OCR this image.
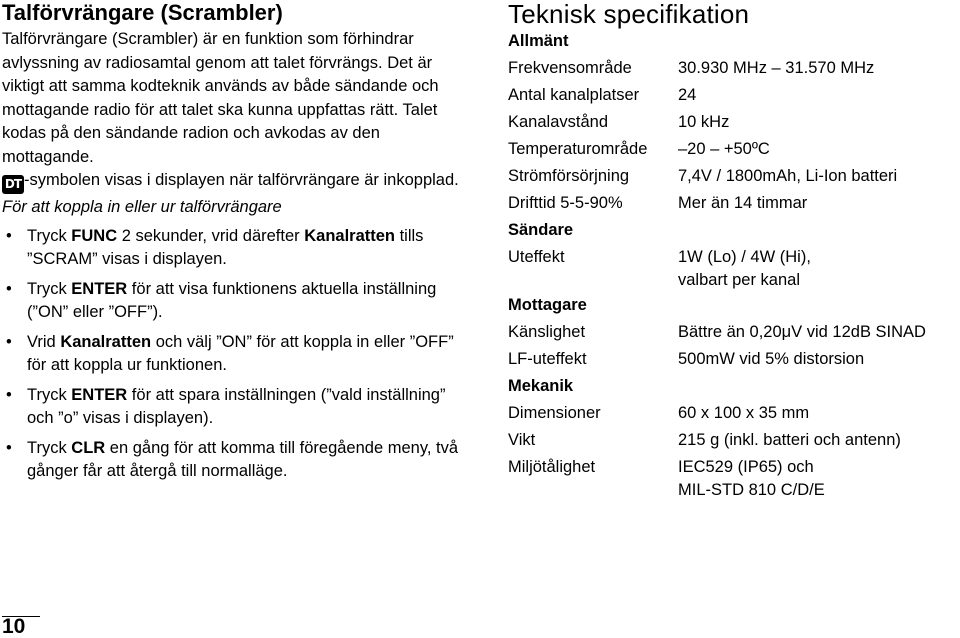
Talförvrängare (Scrambler)

Talförvrängare (Scrambler) är en funktion som förhindrar avlyssning av radiosamtal genom att talet förvrängs. Det är viktigt att samma kodteknik används av både sändande och mottagande radio för att talet ska kunna uppfattas rätt. Talet kodas på den sändande radion och avkodas av den mottagande.

DT -symbolen visas i displayen när talförvrängare är inkopplad.

För att koppla in eller ur talförvrängare

• Tryck FUNC 2 sekunder, vrid därefter Kanalratten tills ”SCRAM” visas i displayen.
• Tryck ENTER för att visa funktionens aktuella inställning (”ON” eller ”OFF”).
• Vrid Kanalratten och välj ”ON” för att koppla in eller ”OFF” för att koppla ur funktionen.
• Tryck ENTER för att spara inställningen (”vald inställning” och ”o” visas i displayen).
• Tryck CLR en gång för att komma till föregående meny, två gånger får att återgå till normalläge.
Teknisk specifikation
Allmänt	
Frekvensområde	30.930 MHz – 31.570 MHz
Antal kanalplatser	24
Kanalavstånd	10 kHz
Temperaturområde	–20 – +50ºC
Strömförsörjning	7,4V / 1800mAh, Li-Ion batteri
Drifttid 5-5-90%	Mer än 14 timmar
Sändare	
Uteffekt	1W (Lo) / 4W (Hi),
valbart per kanal

Mottagare	
Känslighet	Bättre än 0,20μV vid 12dB SINAD
LF-uteffekt	500mW vid 5% distorsion
Mekanik	
Dimensioner	60 x 100 x 35 mm
Vikt	215 g (inkl. batteri och antenn)
Miljötålighet	IEC529 (IP65) och
MIL-STD 810 C/D/E
10
